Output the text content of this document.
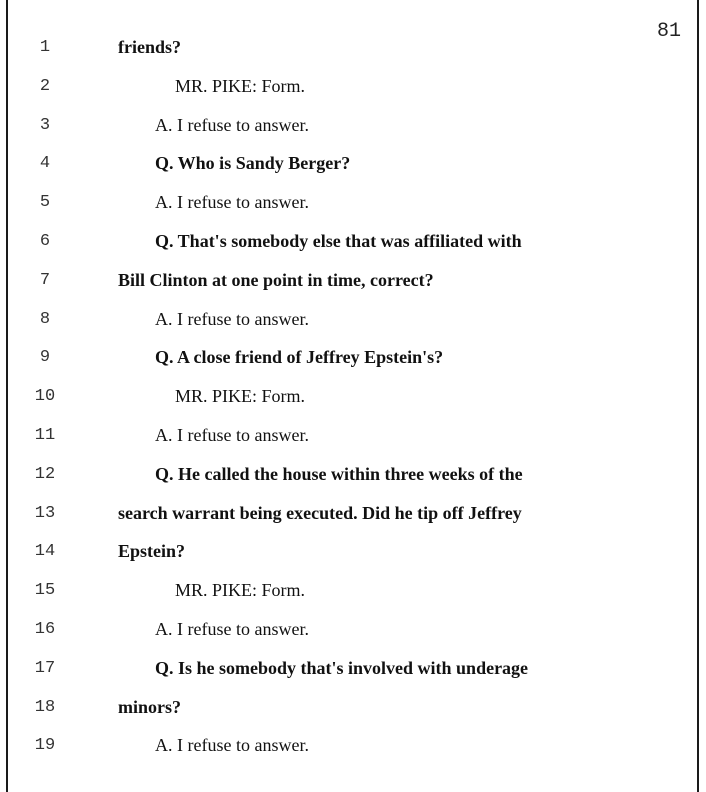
81
1	friends?
2	MR. PIKE: Form.
3	A. I refuse to answer.
4	Q. Who is Sandy Berger?
5	A. I refuse to answer.
6	Q. That's somebody else that was affiliated with
7	Bill Clinton at one point in time, correct?
8	A. I refuse to answer.
9	Q. A close friend of Jeffrey Epstein's?
10	MR. PIKE: Form.
11	A. I refuse to answer.
12	Q. He called the house within three weeks of the
13	search warrant being executed. Did he tip off Jeffrey
14	Epstein?
15	MR. PIKE: Form.
16	A. I refuse to answer.
17	Q. Is he somebody that's involved with underage
18	minors?
19	A. I refuse to answer.
